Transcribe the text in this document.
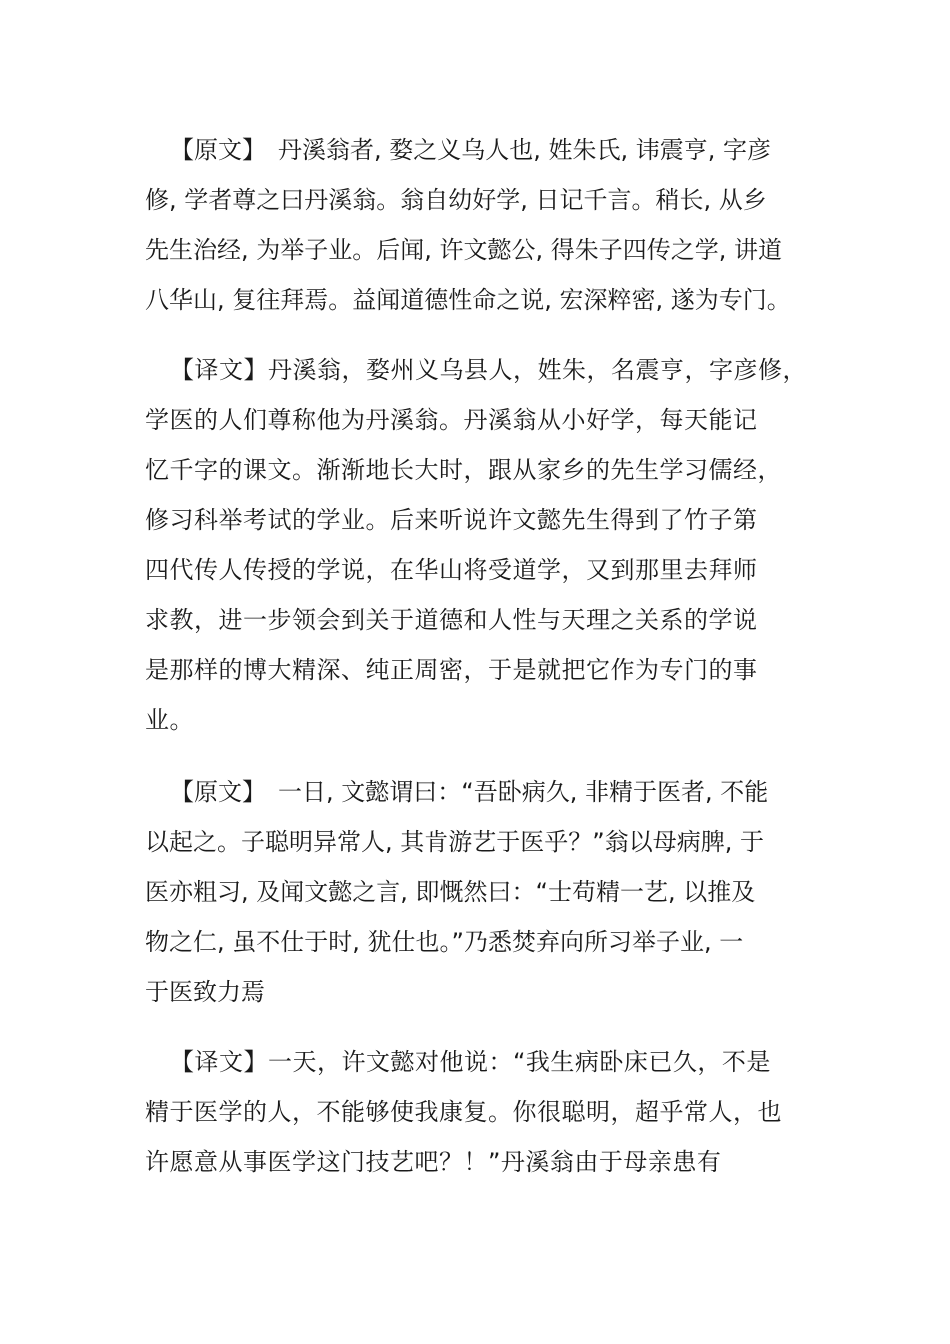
【原文】　丹溪翁者, 婺之义乌人也, 姓朱氏, 讳震亨, 字彦
修, 学者尊之曰丹溪翁。翁自幼好学, 日记千言。稍长, 从乡
先生治经, 为举子业。后闻, 许文懿公, 得朱子四传之学, 讲道
八华山, 复往拜焉。益闻道德性命之说, 宏深粹密, 遂为专门。
【译文】丹溪翁，婺州义乌县人，姓朱，名震亨，字彦修，
学医的人们尊称他为丹溪翁。丹溪翁从小好学，每天能记
忆千字的课文。渐渐地长大时，跟从家乡的先生学习儒经，
修习科举考试的学业。后来听说许文懿先生得到了竹子第
四代传人传授的学说，在华山将受道学，又到那里去拜师
求教，进一步领会到关于道德和人性与天理之关系的学说
是那样的博大精深、纯正周密，于是就把它作为专门的事
业。
【原文】　一日, 文懿谓曰：“吾卧病久, 非精于医者, 不能
以起之。子聪明异常人, 其肯游艺于医乎？”翁以母病脾, 于
医亦粗习, 及闻文懿之言, 即慨然曰：“士苟精一艺, 以推及
物之仁, 虽不仕于时, 犹仕也。”乃悉焚弃向所习举子业, 一
于医致力焉
【译文】一天，许文懿对他说：“我生病卧床已久，不是
精于医学的人，不能够使我康复。你很聪明，超乎常人，也
许愿意从事医学这门技艺吧？！”丹溪翁由于母亲患有
